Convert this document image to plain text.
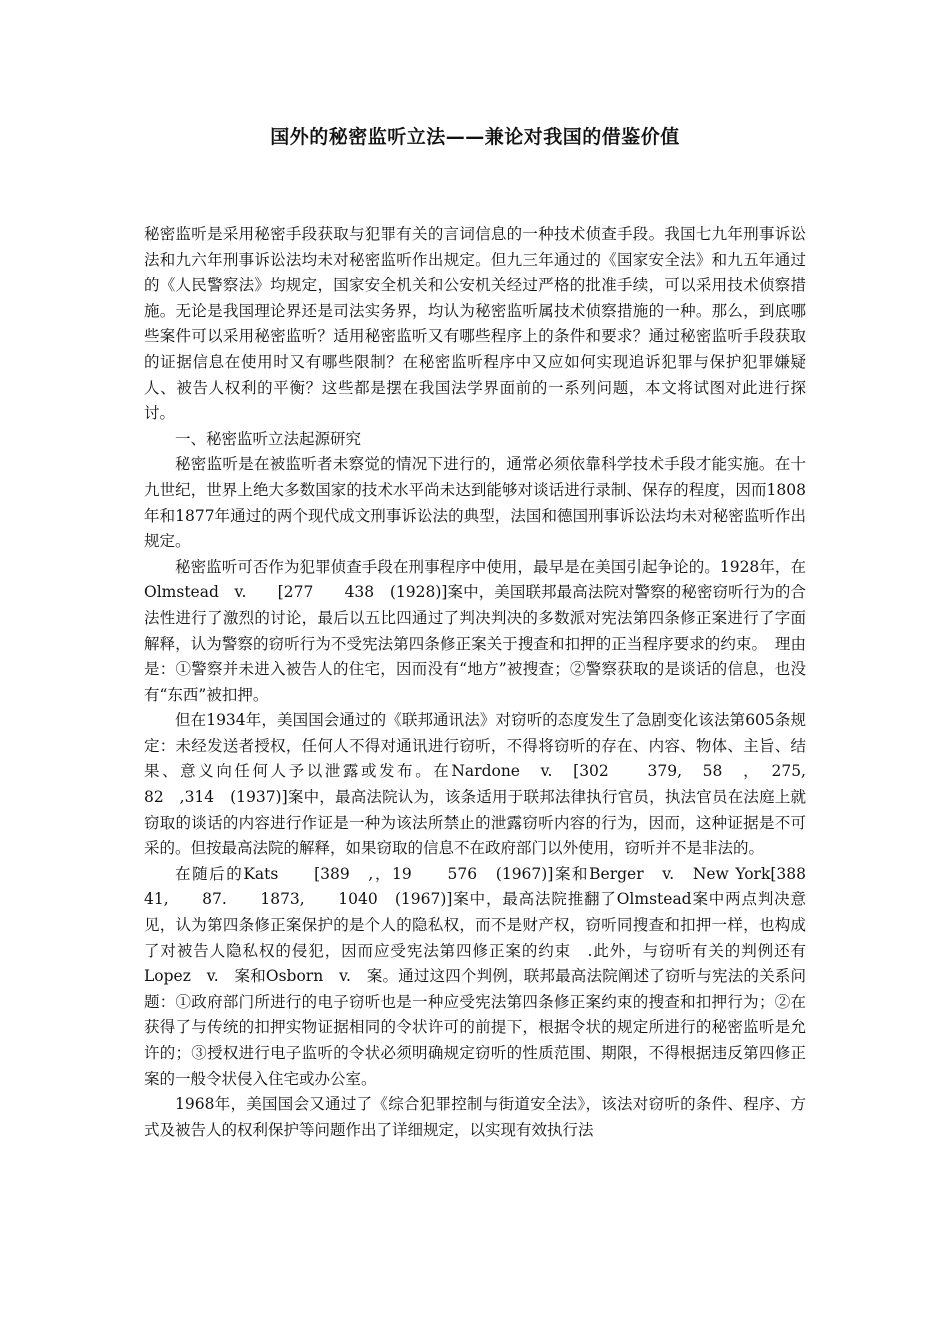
国外的秘密监听立法——兼论对我国的借鉴价值

秘密监听是采用秘密手段获取与犯罪有关的言词信息的一种技术侦查手段。我国七九年刑事诉讼法和九六年刑事诉讼法均未对秘密监听作出规定。但九三年通过的《国家安全法》和九五年通过的《人民警察法》均规定，国家安全机关和公安机关经过严格的批准手续，可以采用技术侦察措施。无论是我国理论界还是司法实务界，均认为秘密监听属技术侦察措施的一种。那么，到底哪些案件可以采用秘密监听？适用秘密监听又有哪些程序上的条件和要求？通过秘密监听手段获取的证据信息在使用时又有哪些限制？在秘密监听程序中又应如何实现追诉犯罪与保护犯罪嫌疑人、被告人权利的平衡？这些都是摆在我国法学界面前的一系列问题，本文将试图对此进行探讨。

一、秘密监听立法起源研究

秘密监听是在被监听者未察觉的情况下进行的，通常必须依靠科学技术手段才能实施。在十九世纪，世界上绝大多数国家的技术水平尚未达到能够对谈话进行录制、保存的程度，因而1808年和1877年通过的两个现代成文刑事诉讼法的典型，法国和德国刑事诉讼法均未对秘密监听作出规定。

秘密监听可否作为犯罪侦查手段在刑事程序中使用，最早是在美国引起争论的。1928年，在Olmstead　v.　　[277　　438　(1928)]案中，美国联邦最高法院对警察的秘密窃听行为的合法性进行了激烈的讨论，最后以五比四通过了判决判决的多数派对宪法第四条修正案进行了字面解释，认为警察的窃听行为不受宪法第四条修正案关于搜查和扣押的正当程序要求的约束。　理由是：①警察并未进入被告人的住宅，因而没有“地方”被搜查；②警察获取的是谈话的信息，也没有“东西”被扣押。

但在1934年，美国国会通过的《联邦通讯法》对窃听的态度发生了急剧变化该法第605条规定：未经发送者授权，任何人不得对通讯进行窃听，不得将窃听的存在、内容、物体、主旨、结果、意义向任何人予以泄露或发布。在Nardone　v.　[302　　379,　58　，　275,　82　,314　(1937)]案中，最高法院认为，该条适用于联邦法律执行官员，执法官员在法庭上就窃取的谈话的内容进行作证是一种为该法所禁止的泄露窃听内容的行为，因而，这种证据是不可采的。但按最高法院的解释，如果窃取的信息不在政府部门以外使用，窃听并不是非法的。

在随后的Kats　　[389　,，19　　576　(1967)]案和Berger　v.　New York[388　　41,　　87.　　1873,　　1040　(1967)]案中，最高法院推翻了Olmstead案中两点判决意见，认为第四条修正案保护的是个人的隐私权，而不是财产权，窃听同搜查和扣押一样，也构成了对被告人隐私权的侵犯，因而应受宪法第四修正案的约束　.此外，与窃听有关的判例还有Lopez　v.　案和Osborn　v.　案。通过这四个判例，联邦最高法院阐述了窃听与宪法的关系问题：①政府部门所进行的电子窃听也是一种应受宪法第四条修正案约束的搜查和扣押行为；②在获得了与传统的扣押实物证据相同的令状许可的前提下，根据令状的规定所进行的秘密监听是允许的；③授权进行电子监听的令状必须明确规定窃听的性质范围、期限，不得根据违反第四修正案的一般令状侵入住宅或办公室。

1968年，美国国会又通过了《综合犯罪控制与街道安全法》，该法对窃听的条件、程序、方式及被告人的权利保护等问题作出了详细规定，以实现有效执行法
